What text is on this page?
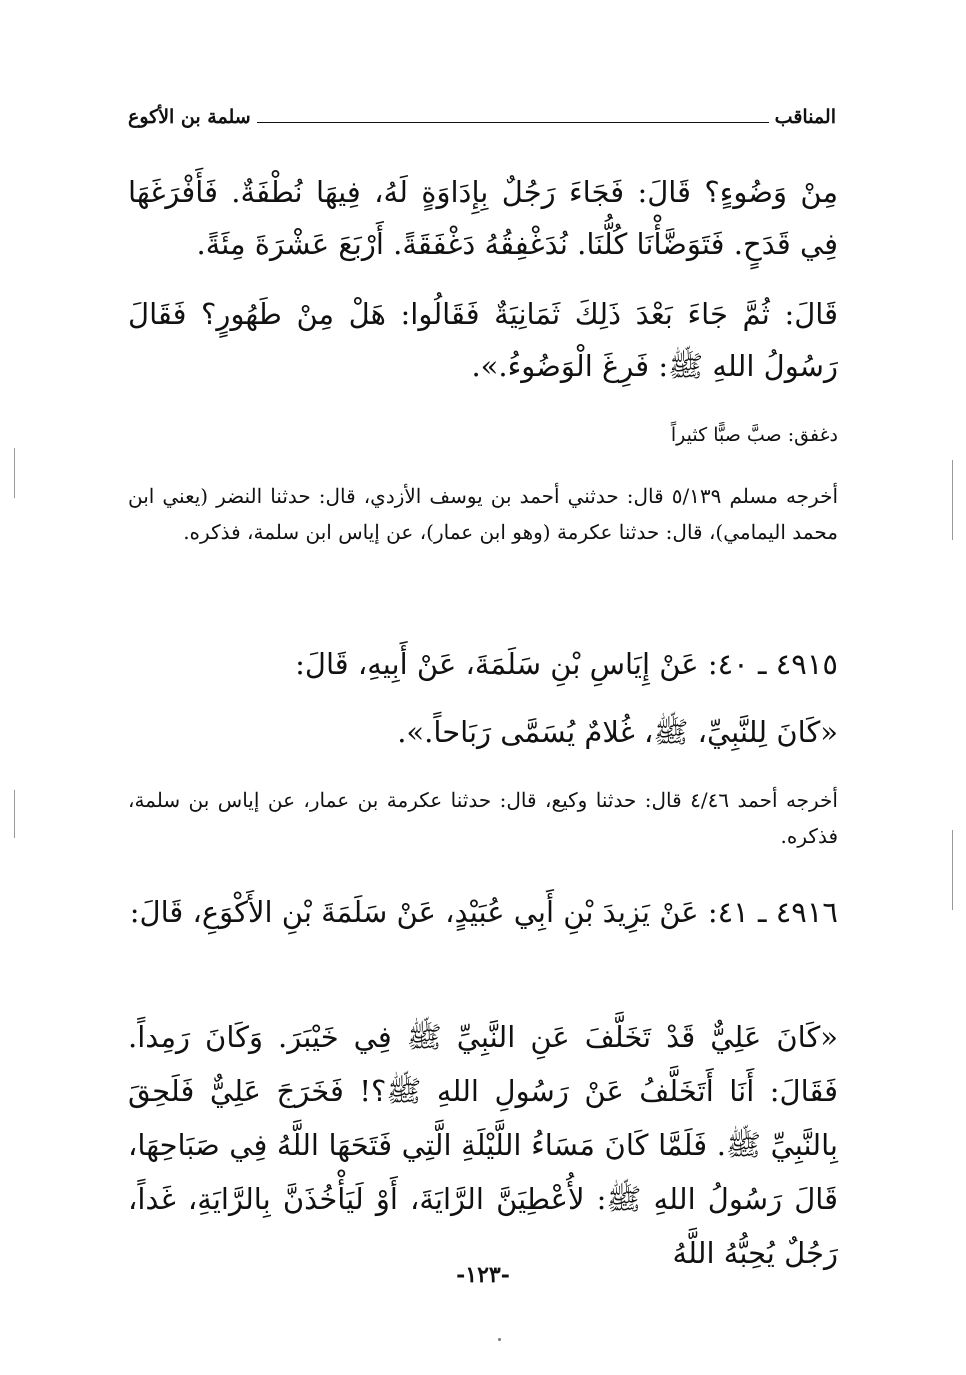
المناقب
سلمة بن الأكوع
مِنْ وَضُوءٍ؟ قَالَ: فَجَاءَ رَجُلٌ بِإِدَاوَةٍ لَهُ، فِيهَا نُطْفَةٌ. فَأَفْرَغَهَا فِي قَدَحٍ. فَتَوَضَّأْنَا كُلُّنَا. نُدَغْفِقُهُ دَغْفَقَةً. أَرْبَعَ عَشْرَةَ مِئَةً.
قَالَ: ثُمَّ جَاءَ بَعْدَ ذَلِكَ ثَمَانِيَةٌ فَقَالُوا: هَلْ مِنْ طَهُورٍ؟ فَقَالَ رَسُولُ اللهِ ﷺ: فَرِغَ الْوَضُوءُ.».
دغفق: صبَّ صبًّا كثيراً
أخرجه مسلم ٥/١٣٩ قال: حدثني أحمد بن يوسف الأزدي، قال: حدثنا النضر (يعني ابن محمد اليمامي)، قال: حدثنا عكرمة (وهو ابن عمار)، عن إياس ابن سلمة، فذكره.
٤٩١٥ ـ ٤٠: عَنْ إِيَاسِ بْنِ سَلَمَةَ، عَنْ أَبِيهِ، قَالَ:
«كَانَ لِلنَّبِيِّ، ﷺ، غُلامٌ يُسَمَّى رَبَاحاً.».
أخرجه أحمد ٤/٤٦ قال: حدثنا وكيع، قال: حدثنا عكرمة بن عمار، عن إياس بن سلمة، فذكره.
٤٩١٦ ـ ٤١: عَنْ يَزِيدَ بْنِ أَبِي عُبَيْدٍ، عَنْ سَلَمَةَ بْنِ الأَكْوَعِ، قَالَ:
«كَانَ عَلِيٌّ قَدْ تَخَلَّفَ عَنِ النَّبِيِّ ﷺ فِي خَيْبَرَ. وَكَانَ رَمِداً. فَقَالَ: أَنَا أَتَخَلَّفُ عَنْ رَسُولِ اللهِ ﷺ؟! فَخَرَجَ عَلِيٌّ فَلَحِقَ بِالنَّبِيِّ ﷺ. فَلَمَّا كَانَ مَسَاءُ اللَّيْلَةِ الَّتِي فَتَحَهَا اللَّهُ فِي صَبَاحِهَا، قَالَ رَسُولُ اللهِ ﷺ: لأُعْطِيَنَّ الرَّايَةَ، أَوْ لَيَأْخُذَنَّ بِالرَّايَةِ، غَداً، رَجُلٌ يُحِبُّهُ اللَّهُ
-١٢٣-
